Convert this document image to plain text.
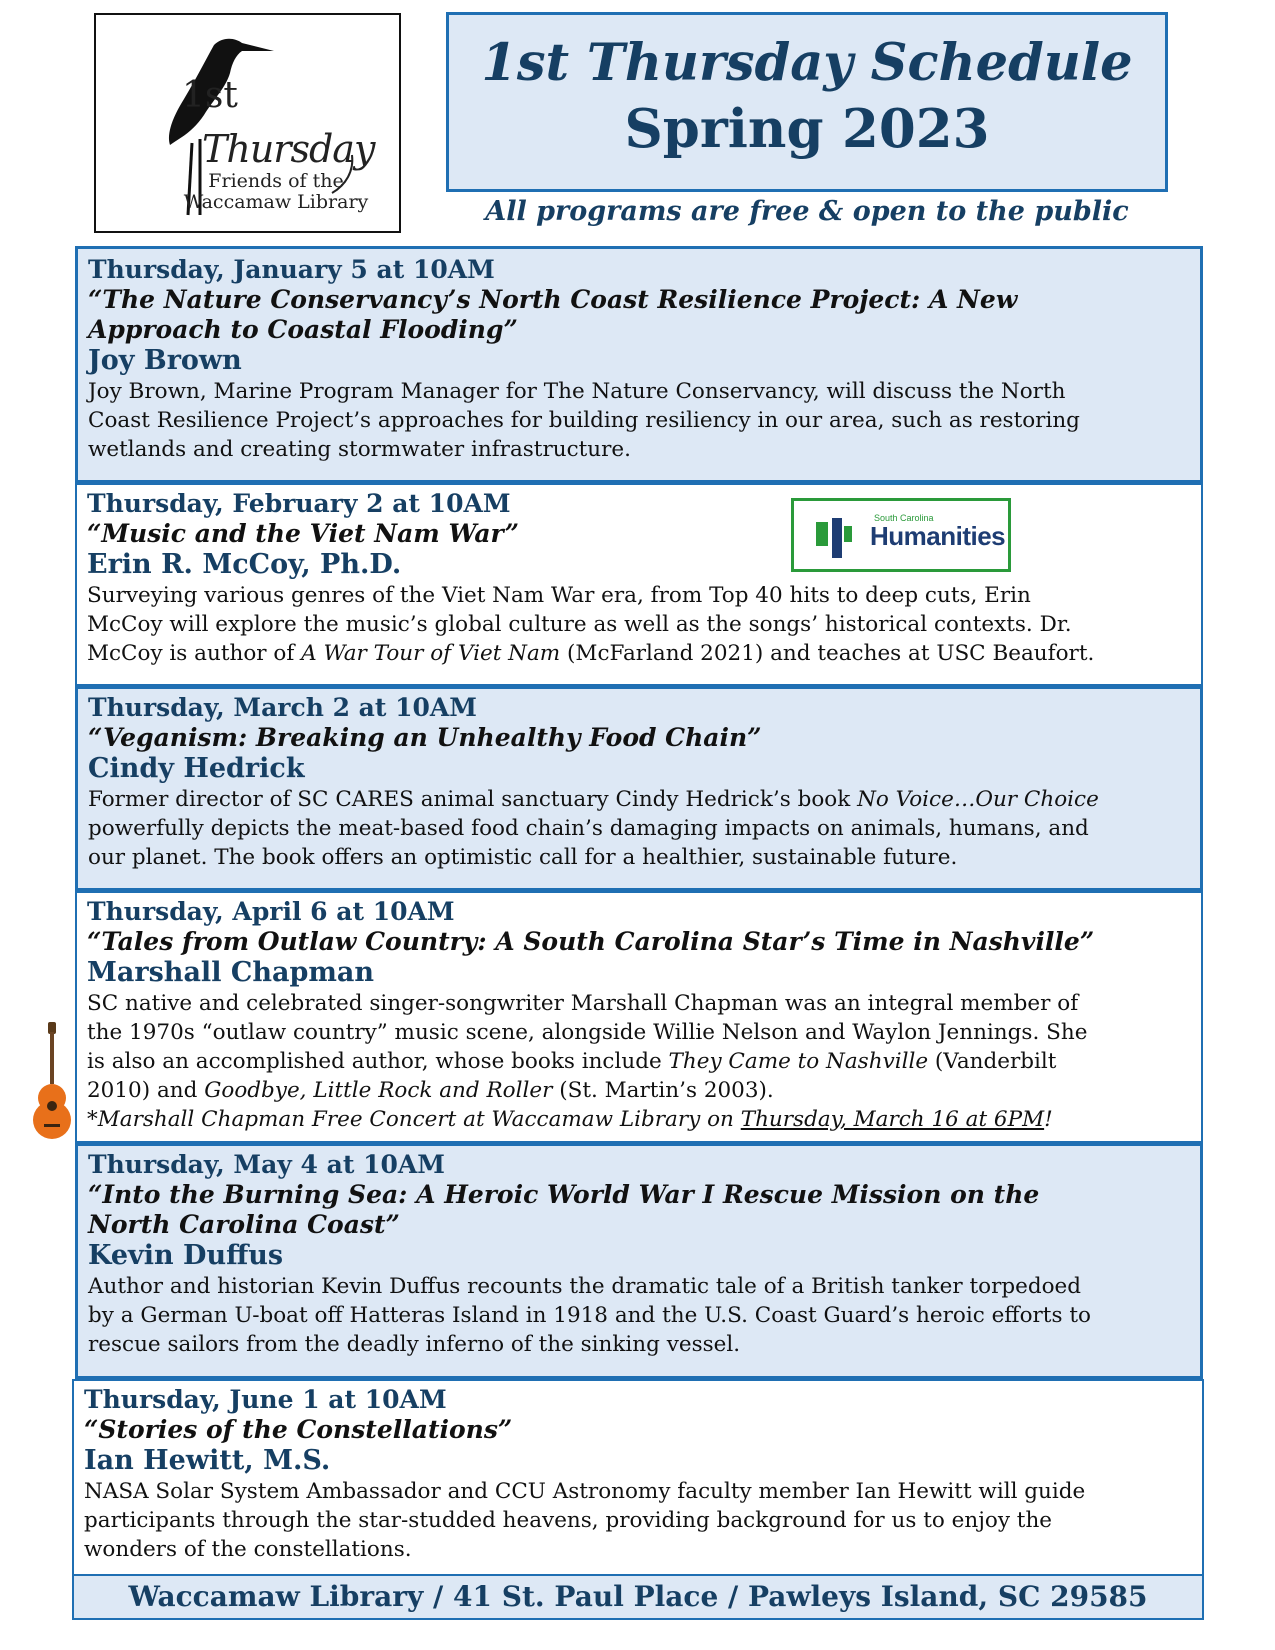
1st
Thursday
Friends of the
Waccamaw Library
1st Thursday Schedule
Spring 2023
All programs are free & open to the public
Thursday, January 5 at 10AM
“The Nature Conservancy’s North Coast Resilience Project: A New
Approach to Coastal Flooding”
Joy Brown
Joy Brown, Marine Program Manager for The Nature Conservancy, will discuss the North
Coast Resilience Project’s approaches for building resiliency in our area, such as restoring
wetlands and creating stormwater infrastructure.
Thursday, February 2 at 10AM
“Music and the Viet Nam War”
Erin R. McCoy, Ph.D.
Surveying various genres of the Viet Nam War era, from Top 40 hits to deep cuts, Erin
McCoy will explore the music’s global culture as well as the songs’ historical contexts. Dr.
McCoy is author of A War Tour of Viet Nam (McFarland 2021) and teaches at USC Beaufort.
South Carolina
Humanities
Thursday, March 2 at 10AM
“Veganism: Breaking an Unhealthy Food Chain”
Cindy Hedrick
Former director of SC CARES animal sanctuary Cindy Hedrick’s book No Voice…Our Choice
powerfully depicts the meat-based food chain’s damaging impacts on animals, humans, and
our planet. The book offers an optimistic call for a healthier, sustainable future.
Thursday, April 6 at 10AM
“Tales from Outlaw Country: A South Carolina Star’s Time in Nashville”
Marshall Chapman
SC native and celebrated singer-songwriter Marshall Chapman was an integral member of
the 1970s “outlaw country” music scene, alongside Willie Nelson and Waylon Jennings. She
is also an accomplished author, whose books include They Came to Nashville (Vanderbilt
2010) and Goodbye, Little Rock and Roller (St. Martin’s 2003).
*Marshall Chapman Free Concert at Waccamaw Library on Thursday, March 16 at 6PM!
Thursday, May 4 at 10AM
“Into the Burning Sea: A Heroic World War I Rescue Mission on the
North Carolina Coast”
Kevin Duffus
Author and historian Kevin Duffus recounts the dramatic tale of a British tanker torpedoed
by a German U-boat off Hatteras Island in 1918 and the U.S. Coast Guard’s heroic efforts to
rescue sailors from the deadly inferno of the sinking vessel.
Thursday, June 1 at 10AM
“Stories of the Constellations”
Ian Hewitt, M.S.
NASA Solar System Ambassador and CCU Astronomy faculty member Ian Hewitt will guide
participants through the star-studded heavens, providing background for us to enjoy the
wonders of the constellations.
Waccamaw Library / 41 St. Paul Place / Pawleys Island, SC 29585
